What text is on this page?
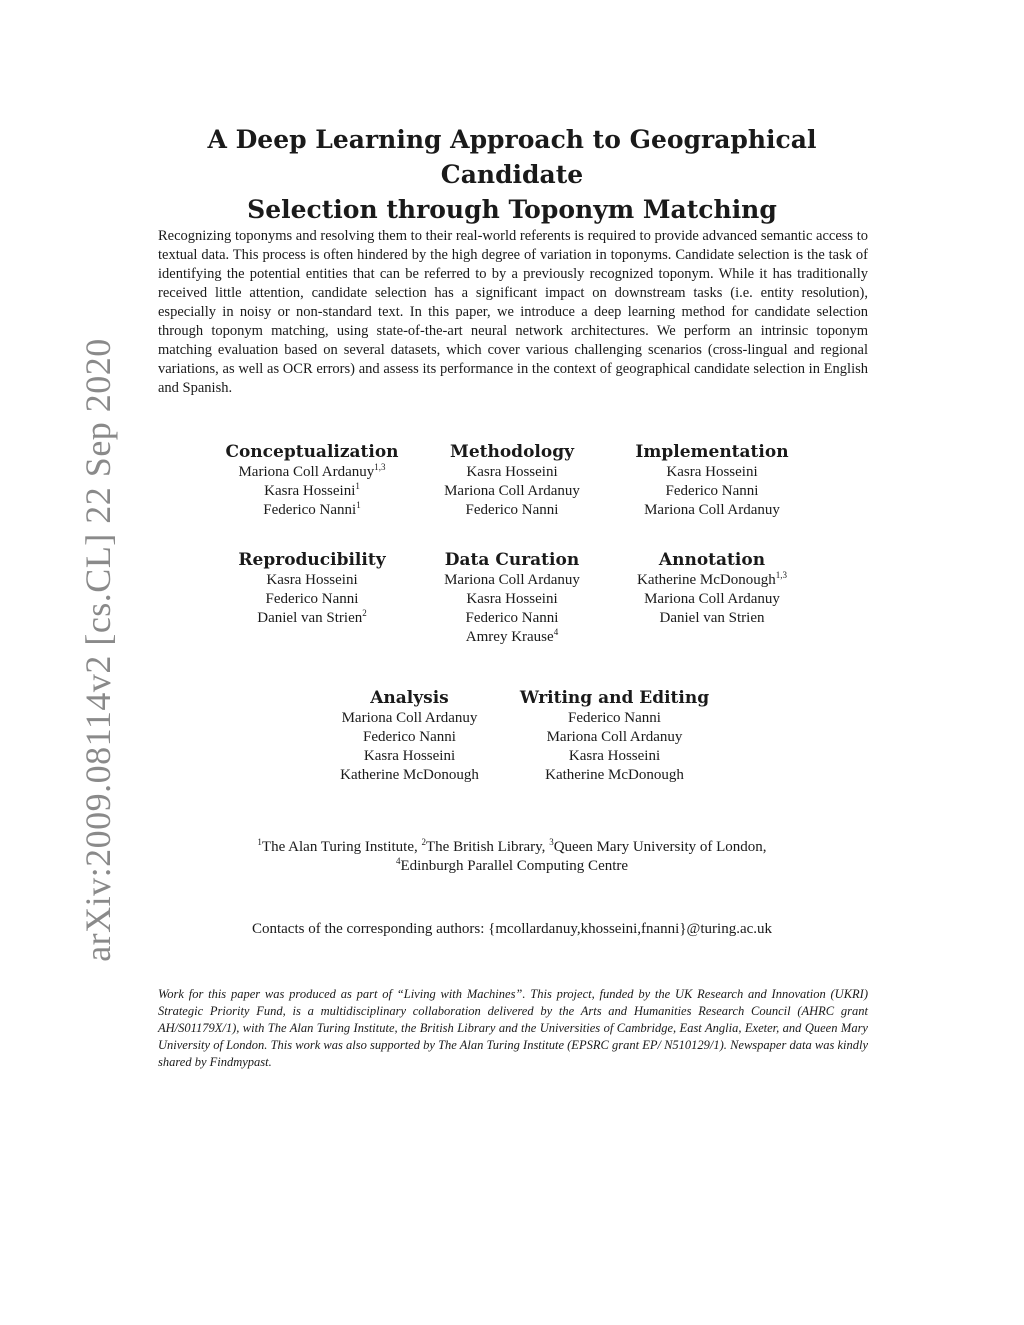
arXiv:2009.08114v2 [cs.CL] 22 Sep 2020
A Deep Learning Approach to Geographical Candidate
Selection through Toponym Matching

Recognizing toponyms and resolving them to their real-world referents is required to provide advanced semantic access to textual data. This process is often hindered by the high degree of variation in toponyms. Candidate selection is the task of identifying the potential entities that can be referred to by a previously recognized toponym. While it has traditionally received little attention, candidate selection has a significant impact on downstream tasks (i.e. entity resolution), especially in noisy or non-standard text. In this paper, we introduce a deep learning method for candidate selection through toponym matching, using state-of-the-art neural network architectures. We perform an intrinsic toponym matching evaluation based on several datasets, which cover various challenging scenarios (cross-lingual and regional variations, as well as OCR errors) and assess its performance in the context of geographical candidate selection in English and Spanish.

Conceptualization
Mariona Coll Ardanuy$^{1,3}$
Kasra Hosseini$^1$
Federico Nanni$^1$
Methodology
Kasra Hosseini
Mariona Coll Ardanuy
Federico Nanni
Implementation
Kasra Hosseini
Federico Nanni
Mariona Coll Ardanuy
Reproducibility
Kasra Hosseini
Federico Nanni
Daniel van Strien$^2$
Data Curation
Mariona Coll Ardanuy
Kasra Hosseini
Federico Nanni
Amrey Krause$^4$
Annotation
Katherine McDonough$^{1,3}$
Mariona Coll Ardanuy
Daniel van Strien
Analysis
Mariona Coll Ardanuy
Federico Nanni
Kasra Hosseini
Katherine McDonough
Writing and Editing
Federico Nanni
Mariona Coll Ardanuy
Kasra Hosseini
Katherine McDonough
$^1$The Alan Turing Institute, $^2$The British Library, $^3$Queen Mary University of London,
$^4$Edinburgh Parallel Computing Centre
Contacts of the corresponding authors: {mcollardanuy,khosseini,fnanni}@turing.ac.uk

Work for this paper was produced as part of “Living with Machines”. This project, funded by the UK Research and Innovation (UKRI) Strategic Priority Fund, is a multidisciplinary collaboration delivered by the Arts and Humanities Research Council (AHRC grant AH/S01179X/1), with The Alan Turing Institute, the British Library and the Universities of Cambridge, East Anglia, Exeter, and Queen Mary University of London. This work was also supported by The Alan Turing Institute (EPSRC grant EP/ N510129/1). Newspaper data was kindly shared by Findmypast.
